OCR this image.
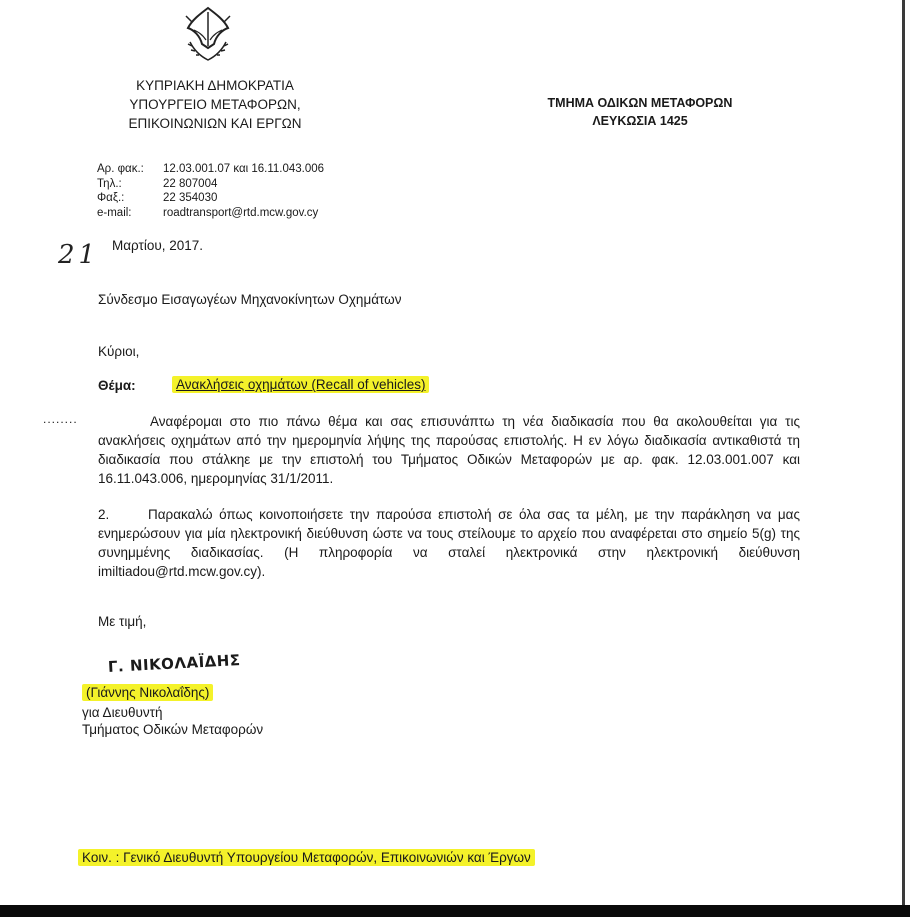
ΚΥΠΡΙΑΚΗ ΔΗΜΟΚΡΑΤΙΑ
ΥΠΟΥΡΓΕΙΟ ΜΕΤΑΦΟΡΩΝ,
ΕΠΙΚΟΙΝΩΝΙΩΝ ΚΑΙ ΕΡΓΩΝ
ΤΜΗΜΑ ΟΔΙΚΩΝ ΜΕΤΑΦΟΡΩΝ
ΛΕΥΚΩΣΙΑ 1425
Αρ. φακ.:	12.03.001.07 και 16.11.043.006
Τηλ.:	22 807004
Φαξ.:	22 354030
e-mail:	roadtransport@rtd.mcw.gov.cy
21 Μαρτίου, 2017.
Σύνδεσμο Εισαγωγέων Μηχανοκίνητων Οχημάτων
Κύριοι,
Θέμα:	Ανακλήσεις οχημάτων (Recall of vehicles)
........	Αναφέρομαι στο πιο πάνω θέμα και σας επισυνάπτω τη νέα διαδικασία που θα ακολουθείται για τις ανακλήσεις οχημάτων από την ημερομηνία λήψης της παρούσας επιστολής. Η εν λόγω διαδικασία αντικαθιστά τη διαδικασία που στάλκηε με την επιστολή του Τμήματος Οδικών Μεταφορών με αρ. φακ. 12.03.001.007 και 16.11.043.006, ημερομηνίας 31/1/2011.
2.	Παρακαλώ όπως κοινοποιήσετε την παρούσα επιστολή σε όλα σας τα μέλη, με την παράκληση να μας ενημερώσουν για μία ηλεκτρονική διεύθυνση ώστε να τους στείλουμε το αρχείο που αναφέρεται στο σημείο 5(g) της συνημμένης διαδικασίας. (Η πληροφορία να σταλεί ηλεκτρονικά στην ηλεκτρονική διεύθυνση imiltiadou@rtd.mcw.gov.cy).
Με τιμή,
Γ. ΝΙΚΟΛΑΪΔΗΣ
(Γιάννης Νικολαΐδης)
για Διευθυντή
Τμήματος Οδικών Μεταφορών
Κοιν. : Γενικό Διευθυντή Υπουργείου Μεταφορών, Επικοινωνιών και Έργων
